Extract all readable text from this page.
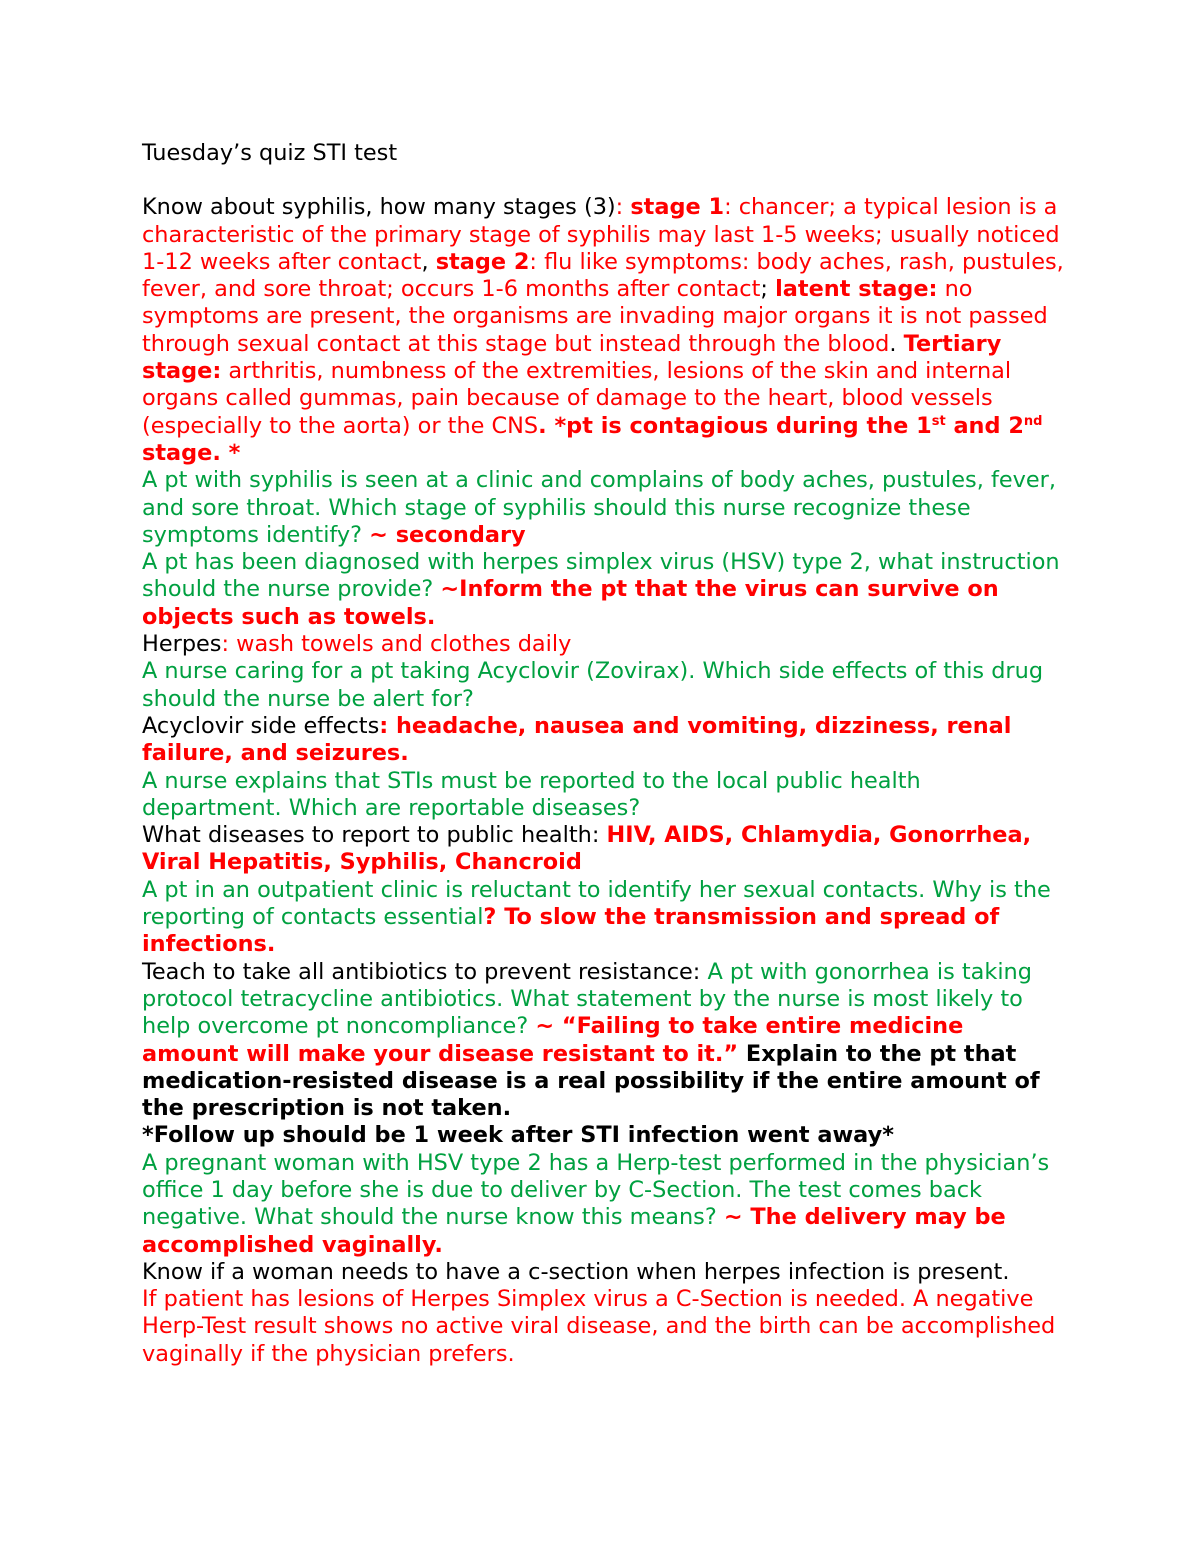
Tuesday’s quiz STI test

Know about syphilis, how many stages (3): stage 1: chancer; a typical lesion is a characteristic of the primary stage of syphilis may last 1-5 weeks; usually noticed 1-12 weeks after contact, stage 2: flu like symptoms: body aches, rash, pustules, fever, and sore throat; occurs 1-6 months after contact; latent stage: no symptoms are present, the organisms are invading major organs it is not passed through sexual contact at this stage but instead through the blood. Tertiary stage: arthritis, numbness of the extremities, lesions of the skin and internal organs called gummas, pain because of damage to the heart, blood vessels (especially to the aorta) or the CNS. *pt is contagious during the 1st and 2nd stage. *

A pt with syphilis is seen at a clinic and complains of body aches, pustules, fever, and sore throat. Which stage of syphilis should this nurse recognize these symptoms identify? ~ secondary

A pt has been diagnosed with herpes simplex virus (HSV) type 2, what instruction should the nurse provide? ~Inform the pt that the virus can survive on objects such as towels.

Herpes: wash towels and clothes daily

A nurse caring for a pt taking Acyclovir (Zovirax). Which side effects of this drug should the nurse be alert for?

Acyclovir side effects: headache, nausea and vomiting, dizziness, renal failure, and seizures.

A nurse explains that STIs must be reported to the local public health department. Which are reportable diseases?

What diseases to report to public health: HIV, AIDS, Chlamydia, Gonorrhea, Viral Hepatitis, Syphilis, Chancroid

A pt in an outpatient clinic is reluctant to identify her sexual contacts. Why is the reporting of contacts essential? To slow the transmission and spread of infections.

Teach to take all antibiotics to prevent resistance: A pt with gonorrhea is taking protocol tetracycline antibiotics. What statement by the nurse is most likely to help overcome pt noncompliance? ~ “Failing to take entire medicine amount will make your disease resistant to it.” Explain to the pt that medication-resisted disease is a real possibility if the entire amount of the prescription is not taken.

*Follow up should be 1 week after STI infection went away*

A pregnant woman with HSV type 2 has a Herp-test performed in the physician’s office 1 day before she is due to deliver by C-Section. The test comes back negative. What should the nurse know this means? ~ The delivery may be accomplished vaginally.

Know if a woman needs to have a c-section when herpes infection is present.

If patient has lesions of Herpes Simplex virus a C-Section is needed. A negative Herp-Test result shows no active viral disease, and the birth can be accomplished vaginally if the physician prefers.
